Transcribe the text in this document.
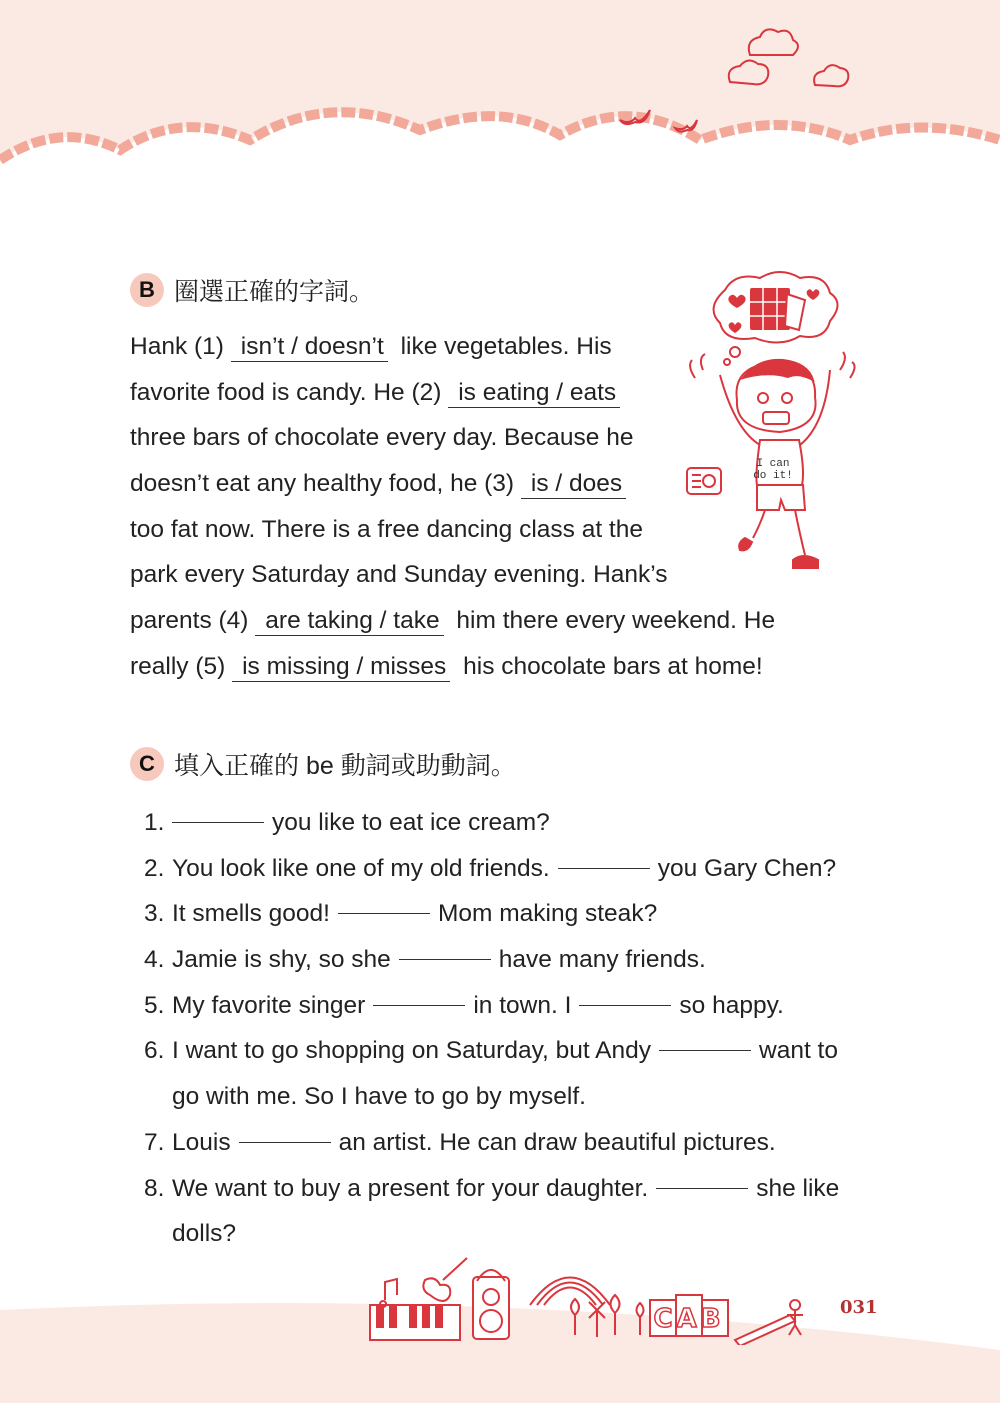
B 圈選正確的字詞。
Hank (1) isn’t / doesn’t like vegetables. His
favorite food is candy. He (2) is eating / eats
three bars of chocolate every day. Because he
doesn’t eat any healthy food, he (3) is / does
too fat now. There is a free dancing class at the
park every Saturday and Sunday evening. Hank’s
parents (4) are taking / take him there every weekend. He
really (5) is missing / misses his chocolate bars at home!
I can
do it!
C 填入正確的 be 動詞或助動詞。
1.	you like to eat ice cream?
2. You look like one of my old friends.	you Gary Chen?
3. It smells good!	Mom making steak?
4. Jamie is shy, so she	have many friends.
5. My favorite singer	in town. I	so happy.
6. I want to go shopping on Saturday, but Andy	want to
go with me. So I have to go by myself.
7. Louis	an artist. He can draw beautiful pictures.
8. We want to buy a present for your daughter.	she like
dolls?
CAB	031
